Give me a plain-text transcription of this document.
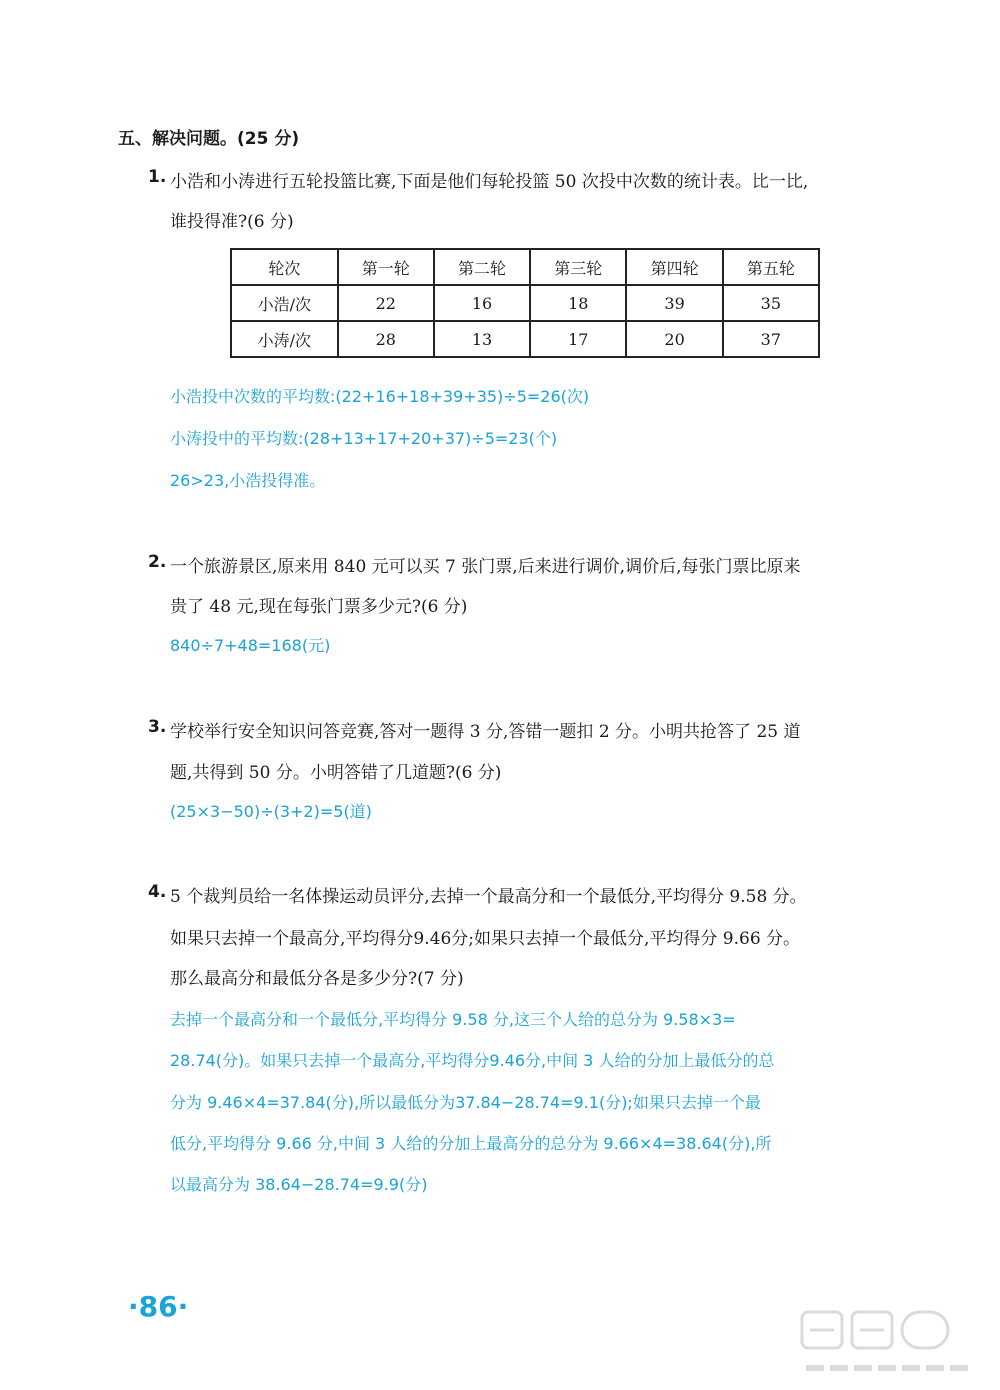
五、解决问题。(25 分)
1. 小浩和小涛进行五轮投篮比赛,下面是他们每轮投篮 50 次投中次数的统计表。比一比,
谁投得准?(6 分)
轮次	第一轮	第二轮	第三轮	第四轮	第五轮
小浩/次	22	16	18	39	35
小涛/次	28	13	17	20	37
小浩投中次数的平均数:(22+16+18+39+35)÷5=26(次)
小涛投中的平均数:(28+13+17+20+37)÷5=23(个)
26>23,小浩投得准。
2. 一个旅游景区,原来用 840 元可以买 7 张门票,后来进行调价,调价后,每张门票比原来
贵了 48 元,现在每张门票多少元?(6 分)
840÷7+48=168(元)
3. 学校举行安全知识问答竞赛,答对一题得 3 分,答错一题扣 2 分。小明共抢答了 25 道
题,共得到 50 分。小明答错了几道题?(6 分)
(25×3−50)÷(3+2)=5(道)
4. 5 个裁判员给一名体操运动员评分,去掉一个最高分和一个最低分,平均得分 9.58 分。
如果只去掉一个最高分,平均得分9.46分;如果只去掉一个最低分,平均得分 9.66 分。
那么最高分和最低分各是多少分?(7 分)
去掉一个最高分和一个最低分,平均得分 9.58 分,这三个人给的总分为 9.58×3=
28.74(分)。如果只去掉一个最高分,平均得分9.46分,中间 3 人给的分加上最低分的总
分为 9.46×4=37.84(分),所以最低分为37.84−28.74=9.1(分);如果只去掉一个最
低分,平均得分 9.66 分,中间 3 人给的分加上最高分的总分为 9.66×4=38.64(分),所
以最高分为 38.64−28.74=9.9(分)
·86·
